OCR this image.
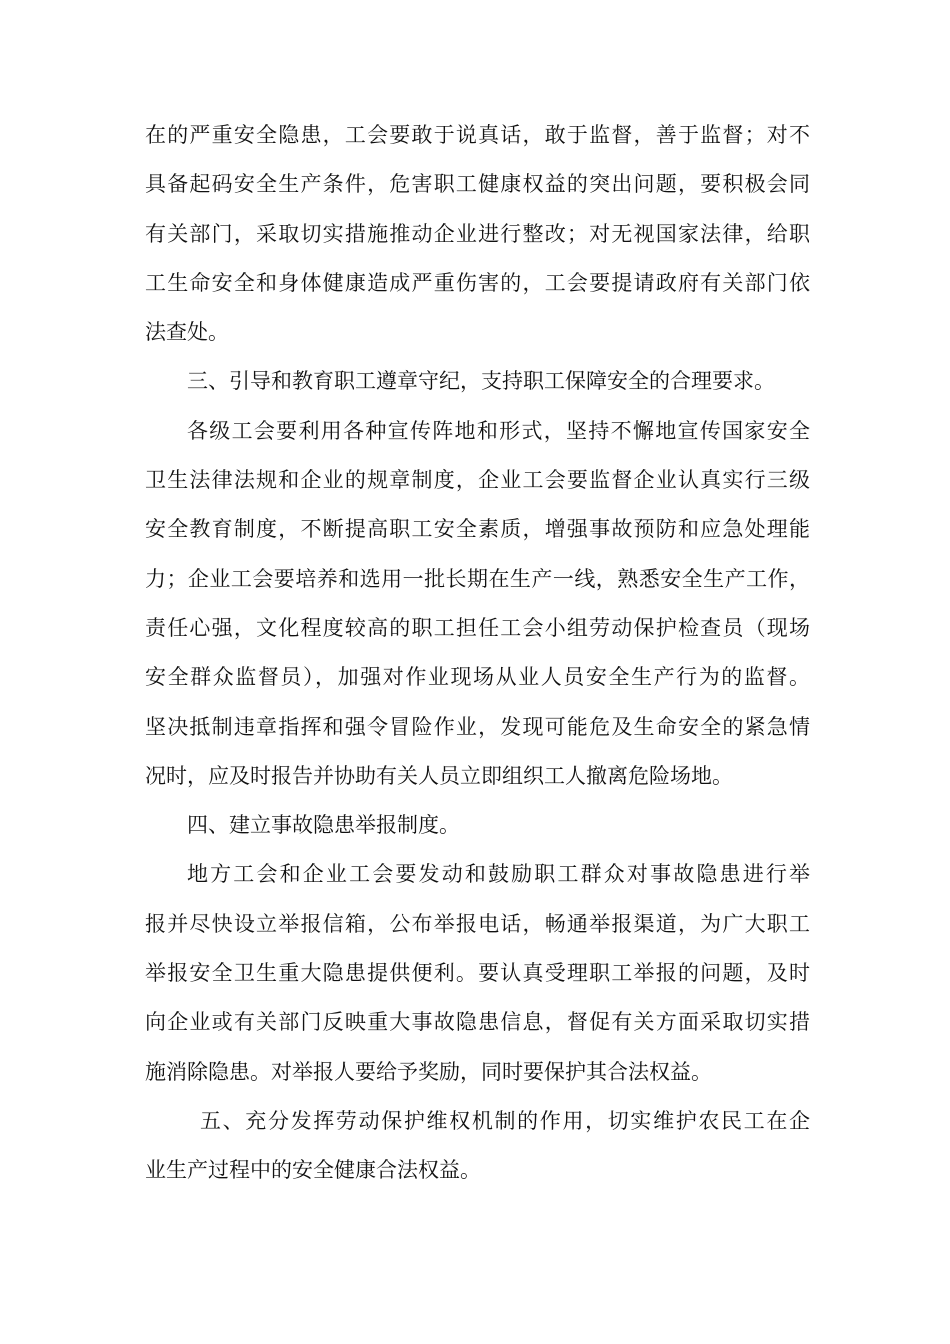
在的严重安全隐患，工会要敢于说真话，敢于监督，善于监督；对不
具备起码安全生产条件，危害职工健康权益的突出问题，要积极会同
有关部门，采取切实措施推动企业进行整改；对无视国家法律，给职
工生命安全和身体健康造成严重伤害的，工会要提请政府有关部门依
法查处。
三、引导和教育职工遵章守纪，支持职工保障安全的合理要求。
各级工会要利用各种宣传阵地和形式，坚持不懈地宣传国家安全
卫生法律法规和企业的规章制度，企业工会要监督企业认真实行三级
安全教育制度，不断提高职工安全素质，增强事故预防和应急处理能
力；企业工会要培养和选用一批长期在生产一线，熟悉安全生产工作，
责任心强，文化程度较高的职工担任工会小组劳动保护检查员（现场
安全群众监督员），加强对作业现场从业人员安全生产行为的监督。
坚决抵制违章指挥和强令冒险作业，发现可能危及生命安全的紧急情
况时，应及时报告并协助有关人员立即组织工人撤离危险场地。
四、建立事故隐患举报制度。
地方工会和企业工会要发动和鼓励职工群众对事故隐患进行举
报并尽快设立举报信箱，公布举报电话，畅通举报渠道，为广大职工
举报安全卫生重大隐患提供便利。要认真受理职工举报的问题，及时
向企业或有关部门反映重大事故隐患信息，督促有关方面采取切实措
施消除隐患。对举报人要给予奖励，同时要保护其合法权益。
五、充分发挥劳动保护维权机制的作用，切实维护农民工在企
业生产过程中的安全健康合法权益。
